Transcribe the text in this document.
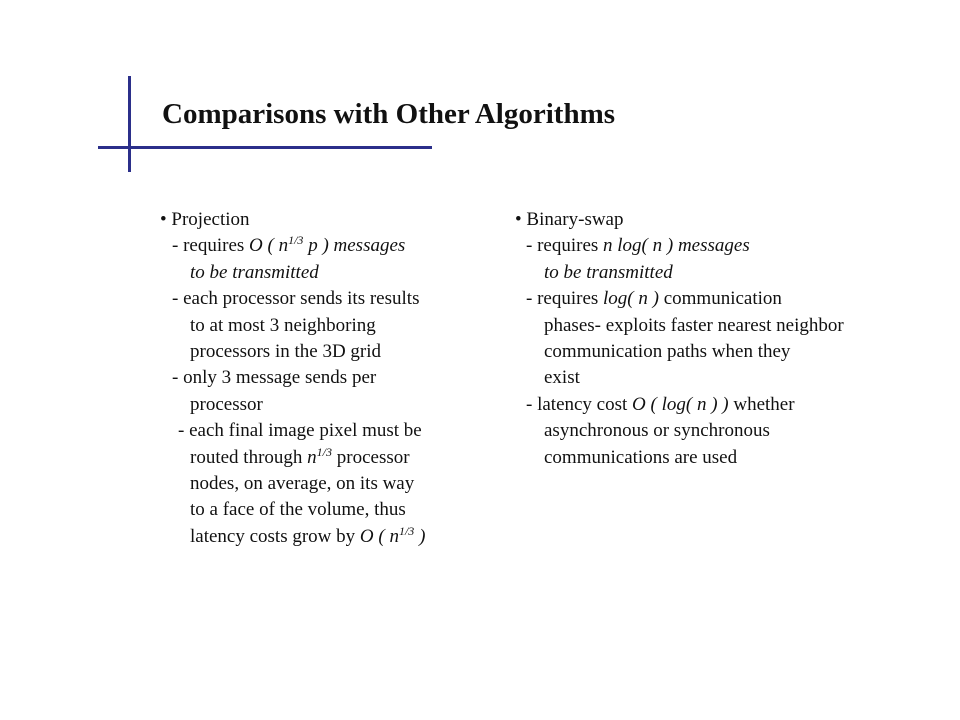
Comparisons with Other Algorithms
• Projection
- requires O ( $n^{1/3}$ p ) messages
to be transmitted
- each processor sends its results
to at most 3 neighboring
processors in the 3D grid
- only 3 message sends per
processor
- each final image pixel must be
routed through $n^{1/3}$ processor
nodes, on average, on its way
to a face of the volume, thus
latency costs grow by O ( $n^{1/3}$ )
• Binary-swap
- requires n log( n ) messages
to be transmitted
- requires log( n ) communication
phases- exploits faster nearest neighbor
communication paths when they
exist
- latency cost O ( log( n ) ) whether
asynchronous or synchronous
communications are used
